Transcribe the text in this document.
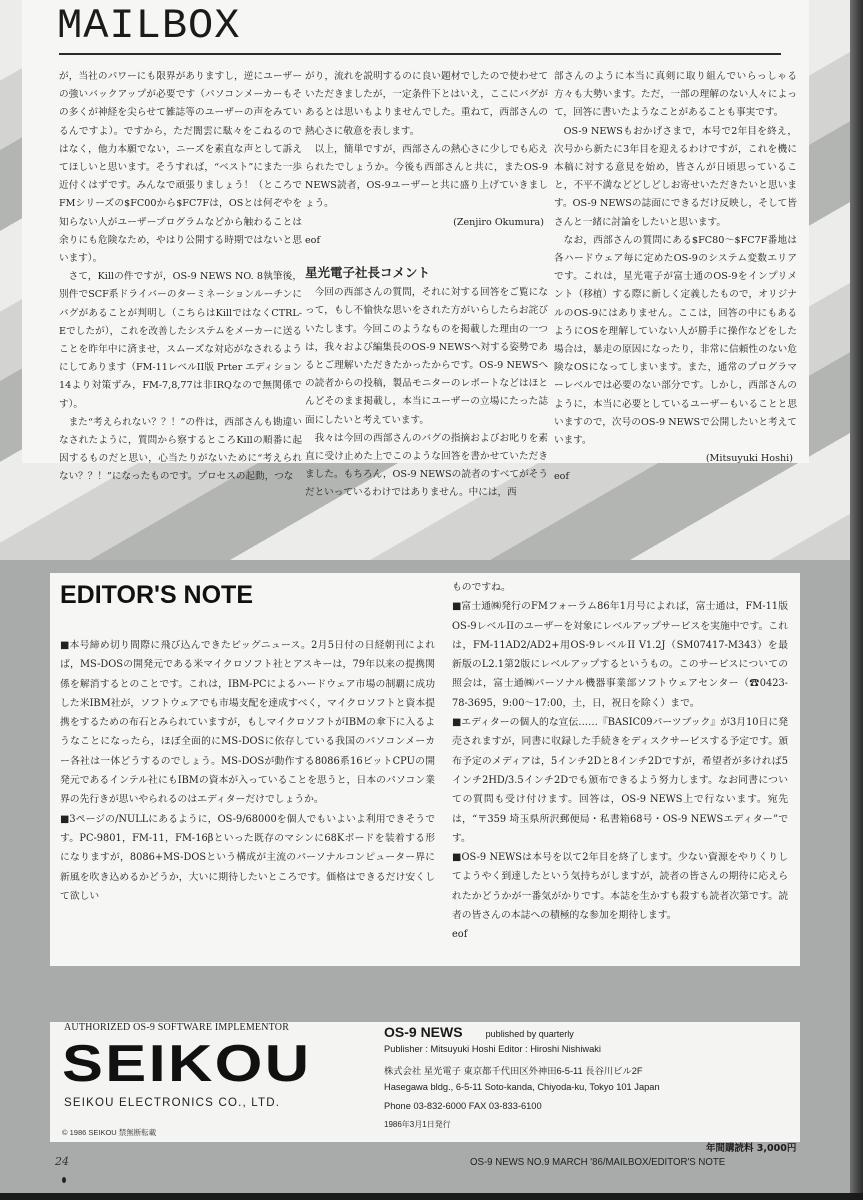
MAILBOX

が，当社のパワーにも限界がありますし，逆にユーザーの強いバックアップが必要です（パソコンメーカーもその多くが神経を尖らせて雑誌等のユーザーの声をみているんですよ）。ですから，ただ闇雲に駄々をこねるのではなく，他力本願でない，ニーズを素直な声として訴えてほしいと思います。そうすれば，“ベスト”にまた一歩近付くはずです。みんなで頑張りましょう！（ところでFMシリーズの$FC00から$FC7Fは，OSとは何ぞやを知らない人がユーザープログラムなどから触わることは余りにも危険なため，やはり公開する時期ではないと思います）。

さて，Killの件ですが，OS-9 NEWS NO. 8執筆後，別件でSCF系ドライバーのターミネーションルーチンにバグがあることが判明し（こちらはKillではなくCTRL-Eでしたが），これを改善したシステムをメーカーに送ることを昨年中に済ませ，スムーズな対応がなされるようにしてあります（FM-11レベルII版 Prter エディション14より対策ずみ，FM-7,8,77は非IRQなので無関係です）。

また“考えられない？？！”の件は，西部さんも勘違いなされたように，質問から察するところKillの順番に起因するものだと思い，心当たりがないために“考えられない？？！”になったものです。プロセスの起動，つな

がり，流れを説明するのに良い題材でしたので使わせていただきましたが，一定条件下とはいえ，ここにバグがあるとは思いもよりませんでした。重ねて，西部さんの熱心さに敬意を表します。

以上，簡単ですが，西部さんの熱心さに少しでも応えられたでしょうか。今後も西部さんと共に，またOS-9 NEWS読者，OS-9ユーザーと共に盛り上げていきましょう。

(Zenjiro Okumura)

eof

星光電子社長コメント

今回の西部さんの質問，それに対する回答をご覧になって，もし不愉快な思いをされた方がいらしたらお詫びいたします。今回このようなものを掲載した理由の一つは，我々および編集長のOS-9 NEWSへ対する姿勢であるとご理解いただきたかったからです。OS-9 NEWSへの読者からの投稿，製品モニターのレポートなどはほとんどそのまま掲載し，本当にユーザーの立場にたった誌面にしたいと考えています。

我々は今回の西部さんのバグの指摘およびお叱りを素直に受け止めた上でこのような回答を書かせていただきました。もちろん，OS-9 NEWSの読者のすべてがそうだといっているわけではありません。中には，西

部さんのように本当に真剣に取り組んでいらっしゃる方々も大勢います。ただ，一部の理解のない人々によって，回答に書いたようなことがあることも事実です。

OS-9 NEWSもおかげさまで，本号で2年目を終え，次号から新たに3年目を迎えるわけですが，これを機に本稿に対する意見を始め，皆さんが日頃思っていること，不平不満などどしどしお寄せいただきたいと思います。OS-9 NEWSの誌面にできるだけ反映し，そして皆さんと一緒に討論をしたいと思います。

なお，西部さんの質問にある$FC80～$FC7F番地は各ハードウェア毎に定めたOS-9のシステム変数エリアです。これは，星光電子が富士通のOS-9をインプリメント（移植）する際に新しく定義したもので，オリジナルのOS-9にはありません。ここは，回答の中にもあるようにOSを理解していない人が勝手に操作などをした場合は，暴走の原因になったり，非常に信頼性のない危険なOSになってしまいます。また，通常のプログラマーレベルでは必要のない部分です。しかし，西部さんのように，本当に必要としているユーザーもいることと思いますので，次号のOS-9 NEWSで公開したいと考えています。

(Mitsuyuki Hoshi)

eof

EDITOR'S NOTE

■本号締め切り間際に飛び込んできたビッグニュース。2月5日付の日経朝刊によれば，MS-DOSの開発元である米マイクロソフト社とアスキーは，79年以来の提携関係を解消するとのことです。これは，IBM-PCによるハードウェア市場の制覇に成功した米IBM社が，ソフトウェアでも市場支配を達成すべく，マイクロソフトと資本提携をするための布石とみられていますが，もしマイクロソフトがIBMの傘下に入るようなことになったら，ほぼ全面的にMS-DOSに依存している我国のパソコンメーカー各社は一体どうするのでしょう。MS-DOSが動作する8086系16ビットCPUの開発元であるインテル社にもIBMの資本が入っていることを思うと，日本のパソコン業界の先行きが思いやられるのはエディターだけでしょうか。

■3ページの/NULLにあるように，OS-9/68000を個人でもいよいよ利用できそうです。PC-9801，FM-11，FM-16βといった既存のマシンに68Kボードを装着する形になりますが，8086+MS-DOSという構成が主流のパーソナルコンピューター界に新風を吹き込めるかどうか，大いに期待したいところです。価格はできるだけ安くして欲しい

ものですね。

■富士通㈱発行のFMフォーラム86年1月号によれば，富士通は，FM-11版OS-9レベルIIのユーザーを対象にレベルアップサービスを実施中です。これは，FM-11AD2/AD2+用OS-9レベルII V1.2J（SM07417-M343）を最新版のL2.1第2版にレベルアップするというもの。このサービスについての照会は，富士通㈱パーソナル機器事業部ソフトウェアセンター（☎0423-78-3695，9:00～17:00，土，日，祝日を除く）まで。

■エディターの個人的な宣伝……『BASIC09パーツブック』が3月10日に発売されますが，同書に収録した手続きをディスクサービスする予定です。頒布予定のメディアは，5インチ2Dと8インチ2Dですが，希望者が多ければ5インチ2HD/3.5インチ2Dでも頒布できるよう努力します。なお同書についての質問も受け付けます。回答は，OS-9 NEWS上で行ないます。宛先は，“〒359 埼玉県所沢郵便局・私書箱68号・OS-9 NEWSエディター”です。

■OS-9 NEWSは本号を以て2年目を終了します。少ない資源をやりくりしてようやく到達したという気持ちがしますが，読者の皆さんの期待に応えられたかどうかが一番気がかりです。本誌を生かすも殺すも読者次第です。読者の皆さんの本誌への積極的な参加を期待します。

eof

AUTHORIZED OS-9 SOFTWARE IMPLEMENTOR
SEIKOU
SEIKOU ELECTRONICS CO., LTD.
© 1986 SEIKOU 禁無断転載
OS-9 NEWS	published by quarterly
Publisher : Mitsuyuki Hoshi Editor : Hiroshi Nishiwaki
株式会社 星光電子 東京都千代田区外神田6-5-11 長谷川ビル2F
Hasegawa bldg., 6-5-11 Soto-kanda, Chiyoda-ku, Tokyo 101 Japan
Phone 03-832-6000 FAX 03-833-6100
1986年3月1日発行
年間購読料 3,000円
24	OS-9 NEWS NO.9 MARCH '86/MAILBOX/EDITOR'S NOTE
